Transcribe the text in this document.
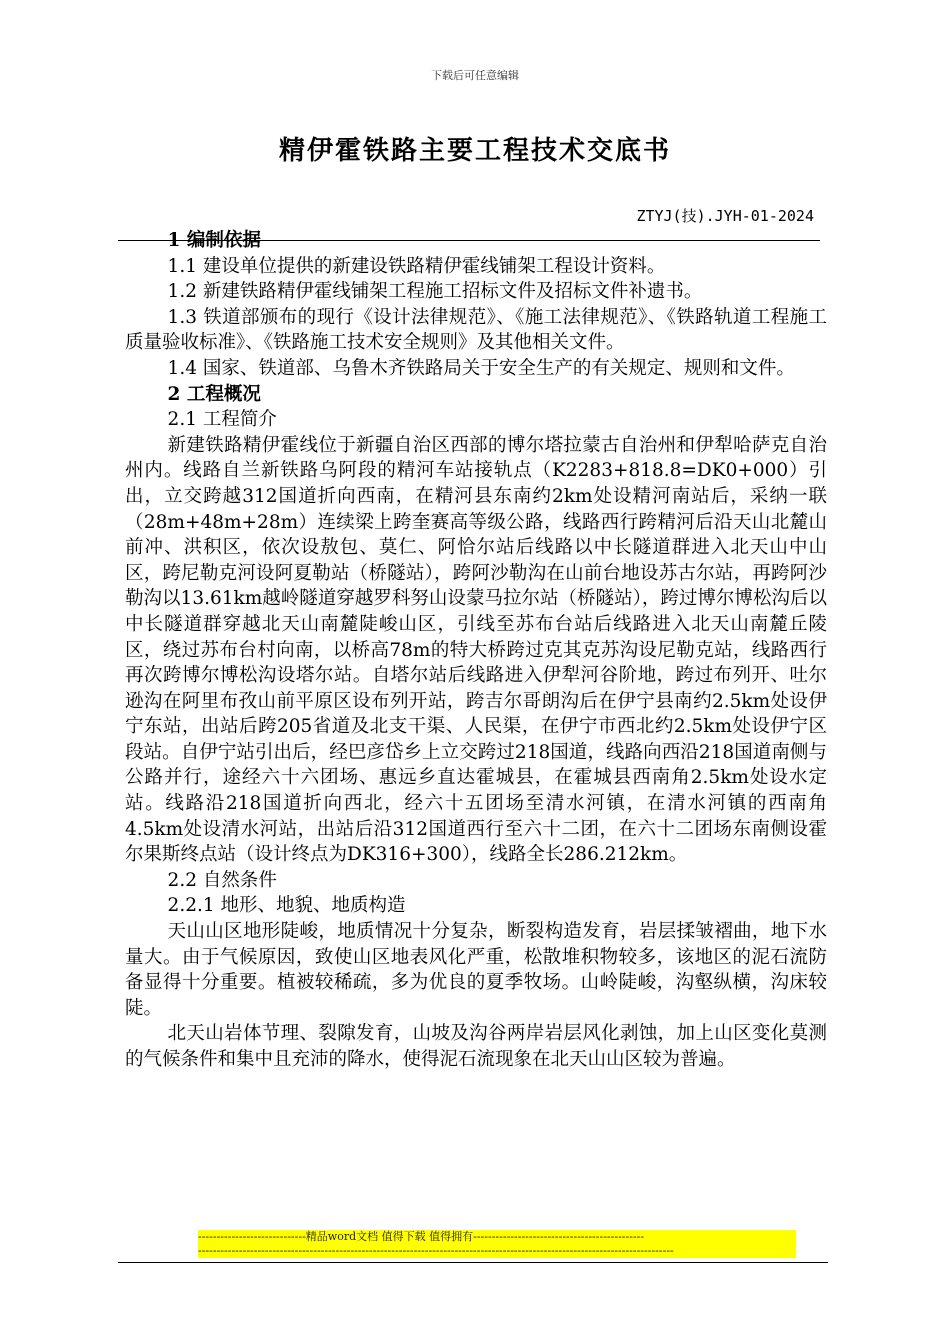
下载后可任意编辑
精伊霍铁路主要工程技术交底书
ZTYJ(技).JYH-01-2024

1 编制依据

1.1 建设单位提供的新建设铁路精伊霍线铺架工程设计资料。

1.2 新建铁路精伊霍线铺架工程施工招标文件及招标文件补遗书。

1.3 铁道部颁布的现行《设计法律规范》、《施工法律规范》、《铁路轨道工程施工质量验收标准》、《铁路施工技术安全规则》及其他相关文件。

1.4 国家、铁道部、乌鲁木齐铁路局关于安全生产的有关规定、规则和文件。

2 工程概况

2.1 工程简介

新建铁路精伊霍线位于新疆自治区西部的博尔塔拉蒙古自治州和伊犁哈萨克自治州内。线路自兰新铁路乌阿段的精河车站接轨点（K2283+818.8=DK0+000）引出，立交跨越312国道折向西南，在精河县东南约2km处设精河南站后，采纳一联（28m+48m+28m）连续梁上跨奎赛高等级公路，线路西行跨精河后沿天山北麓山前冲、洪积区，依次设敖包、莫仁、阿恰尔站后线路以中长隧道群进入北天山中山区，跨尼勒克河设阿夏勒站（桥隧站），跨阿沙勒沟在山前台地设苏古尔站，再跨阿沙勒沟以13.61km越岭隧道穿越罗科努山设蒙马拉尔站（桥隧站），跨过博尔博松沟后以中长隧道群穿越北天山南麓陡峻山区，引线至苏布台站后线路进入北天山南麓丘陵区，绕过苏布台村向南，以桥高78m的特大桥跨过克其克苏沟设尼勒克站，线路西行再次跨博尔博松沟设塔尔站。自塔尔站后线路进入伊犁河谷阶地，跨过布列开、吐尔逊沟在阿里布孜山前平原区设布列开站，跨吉尔哥朗沟后在伊宁县南约2.5km处设伊宁东站，出站后跨205省道及北支干渠、人民渠，在伊宁市西北约2.5km处设伊宁区段站。自伊宁站引出后，经巴彦岱乡上立交跨过218国道，线路向西沿218国道南侧与公路并行，途经六十六团场、惠远乡直达霍城县，在霍城县西南角2.5km处设水定站。线路沿218国道折向西北，经六十五团场至清水河镇，在清水河镇的西南角4.5km处设清水河站，出站后沿312国道西行至六十二团，在六十二团场东南侧设霍尔果斯终点站（设计终点为DK316+300），线路全长286.212km。

2.2 自然条件

2.2.1 地形、地貌、地质构造

天山山区地形陡峻，地质情况十分复杂，断裂构造发育，岩层揉皱褶曲，地下水量大。由于气候原因，致使山区地表风化严重，松散堆积物较多，该地区的泥石流防备显得十分重要。植被较稀疏，多为优良的夏季牧场。山岭陡峻，沟壑纵横，沟床较陡。

北天山岩体节理、裂隙发育，山坡及沟谷两岸岩层风化剥蚀，加上山区变化莫测的气候条件和集中且充沛的降水，使得泥石流现象在北天山山区较为普遍。

-----------------------------精品word文档 值得下载 值得拥有----------------------------------------------
--------------------------------------------------------------------------------------------------------------------------------
